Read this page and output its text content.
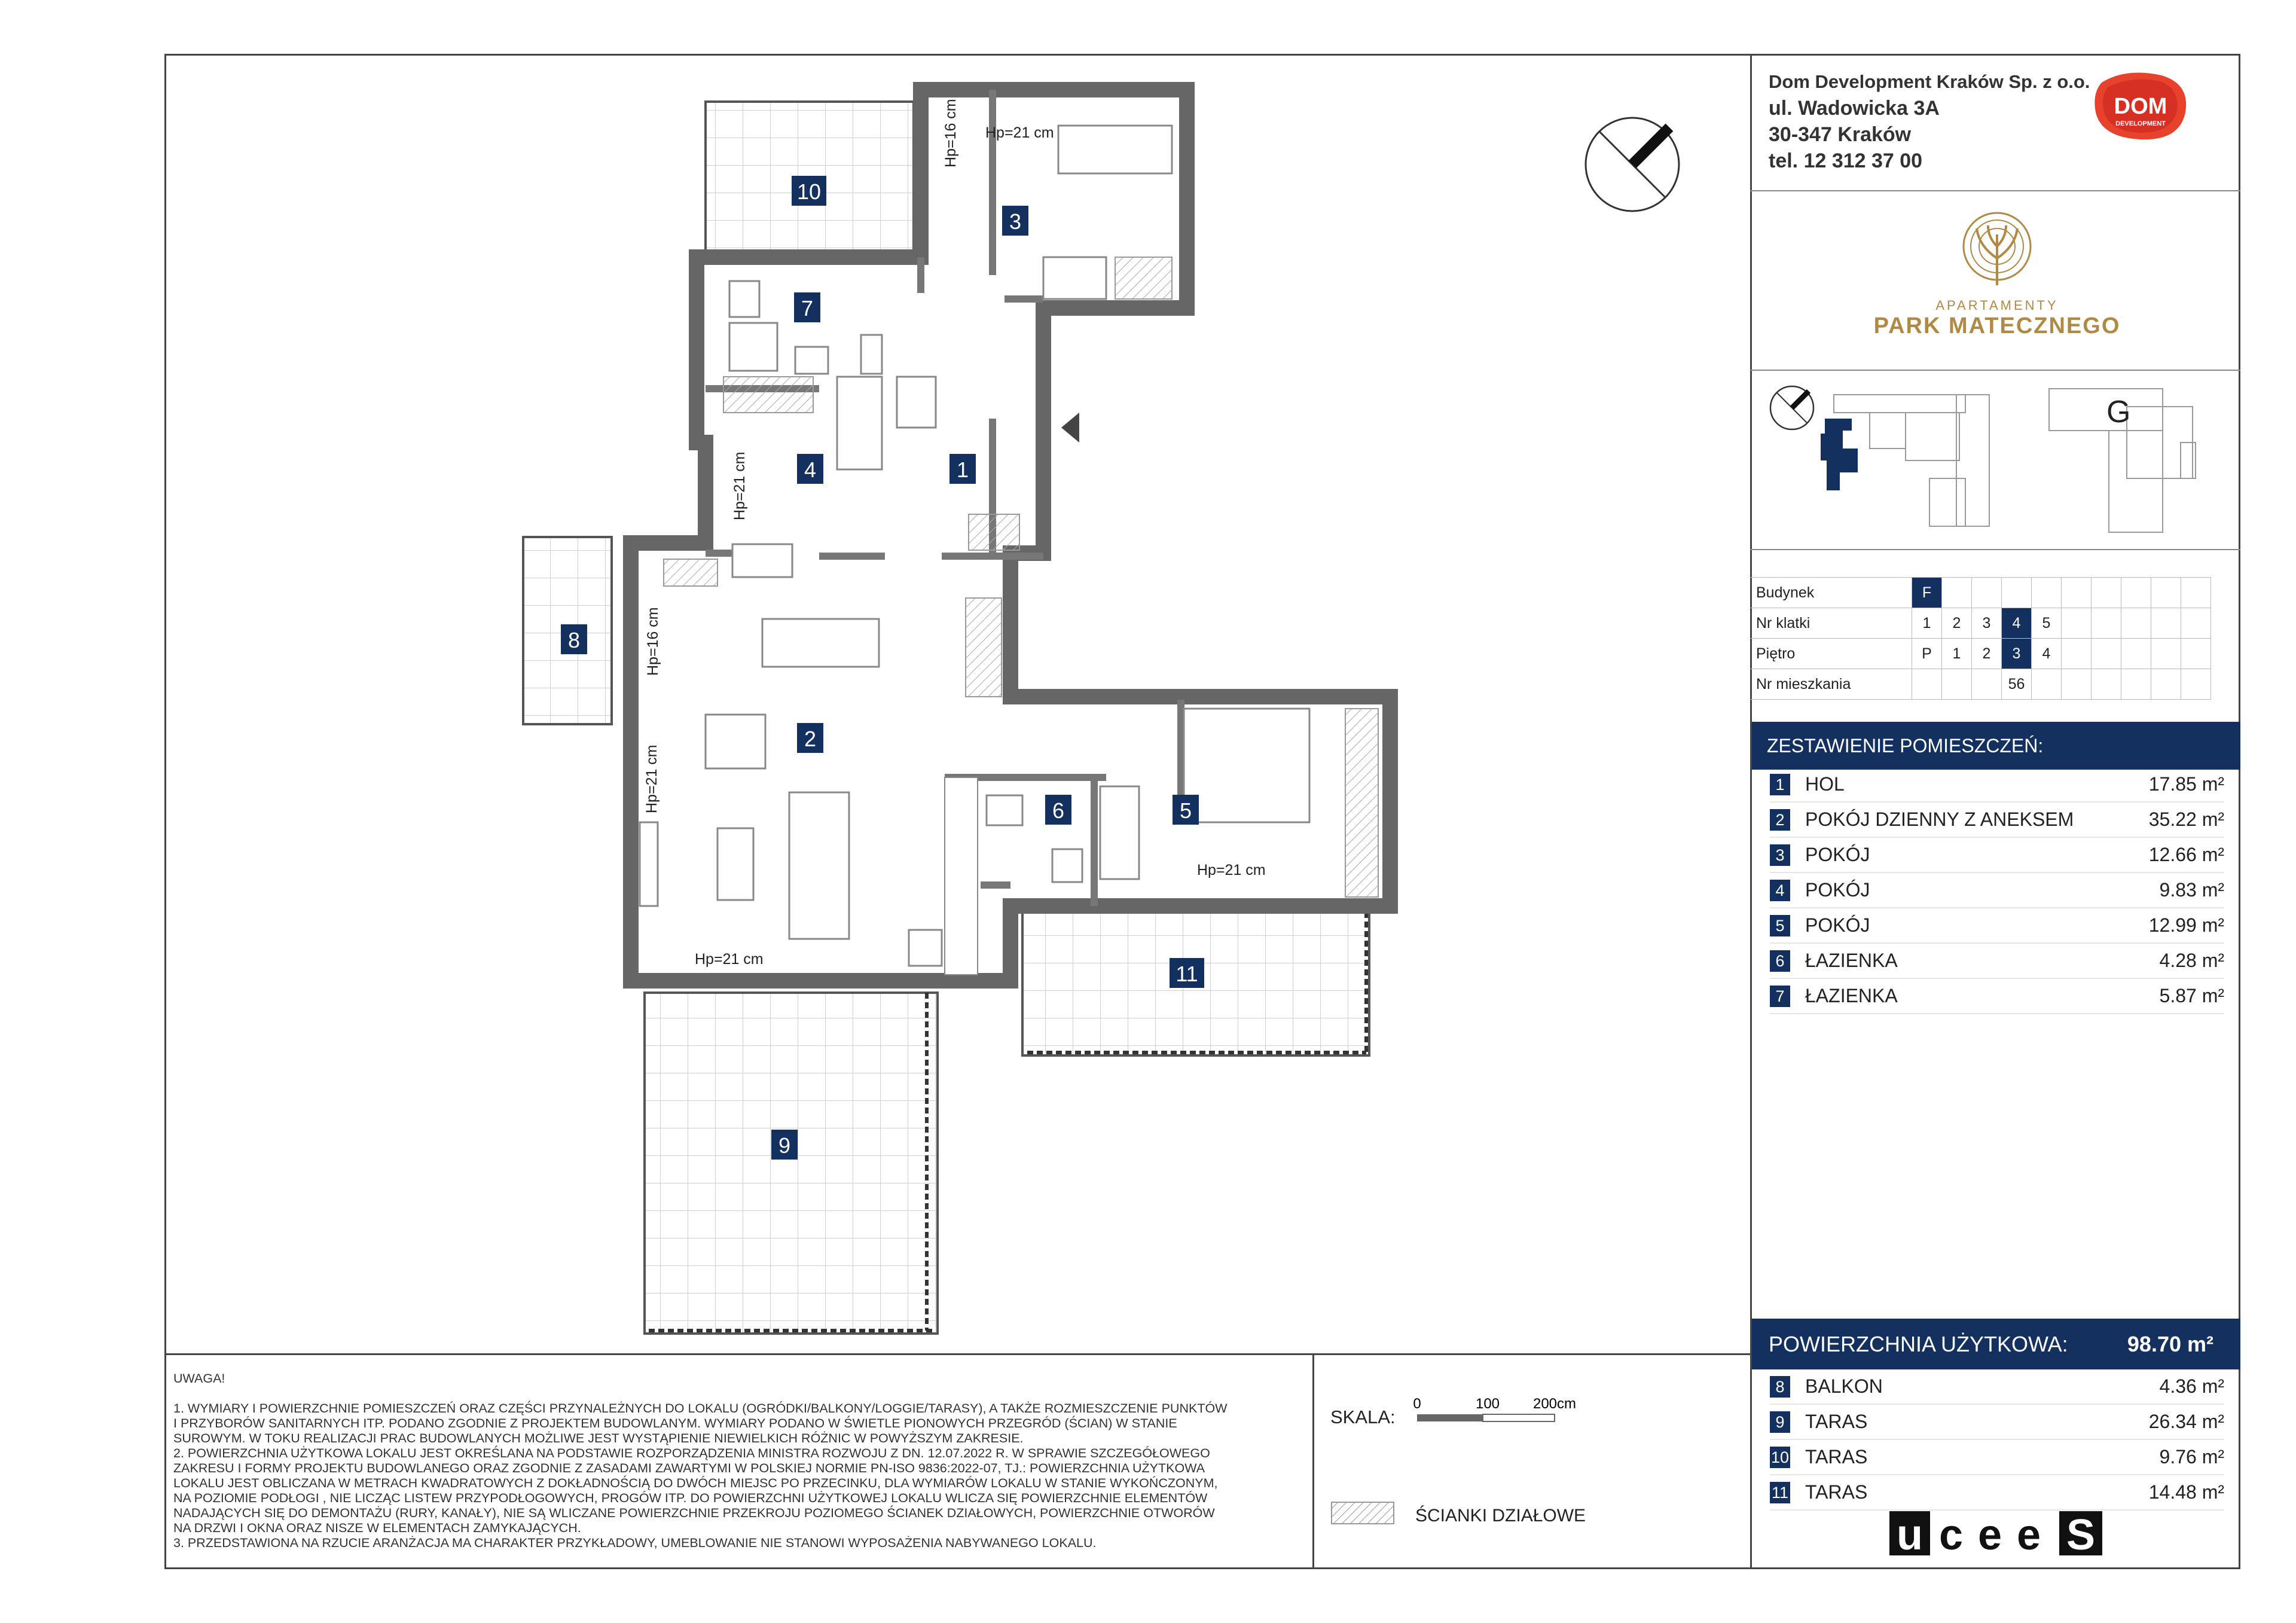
Dom Development Kraków Sp. z o.o.
ul. Wadowicka 3A
30-347 Kraków
tel. 12 312 37 00
DOM
DEVELOPMENT
APARTAMENTY
PARK MATECZNEGO
G
Budynek	F									
Nr klatki	1	2	3	4	5					
Piętro	P	1	2	3	4					
Nr mieszkania				56						
ZESTAWIENIE POMIESZCZEŃ:
1 HOL	17.85 m²
2 POKÓJ DZIENNY Z ANEKSEM	35.22 m²
3 POKÓJ	12.66 m²
4 POKÓJ	9.83 m²
5 POKÓJ	12.99 m²
6 ŁAZIENKA	4.28 m²
7 ŁAZIENKA	5.87 m²
POWIERZCHNIA UŻYTKOWA:	98.70 m²
8 BALKON	4.36 m²
9 TARAS	26.34 m²
10 TARAS	9.76 m²
11 TARAS	14.48 m²

UWAGA!

1. WYMIARY I POWIERZCHNIE POMIESZCZEŃ ORAZ CZĘŚCI PRZYNALEŻNYCH DO LOKALU (OGRÓDKI/BALKONY/LOGGIE/TARASY), A TAKŻE ROZMIESZCZENIE PUNKTÓW

I PRZYBORÓW SANITARNYCH ITP. PODANO ZGODNIE Z PROJEKTEM BUDOWLANYM. WYMIARY PODANO W ŚWIETLE PIONOWYCH PRZEGRÓD (ŚCIAN) W STANIE

SUROWYM. W TOKU REALIZACJI PRAC BUDOWLANYCH MOŻLIWE JEST WYSTĄPIENIE NIEWIELKICH RÓŻNIC W POWYŻSZYM ZAKRESIE.

2. POWIERZCHNIA UŻYTKOWA LOKALU JEST OKREŚLANA NA PODSTAWIE ROZPORZĄDZENIA MINISTRA ROZWOJU Z DN. 12.07.2022 R. W SPRAWIE SZCZEGÓŁOWEGO

ZAKRESU I FORMY PROJEKTU BUDOWLANEGO ORAZ ZGODNIE Z ZASADAMI ZAWARTYMI W POLSKIEJ NORMIE PN-ISO 9836:2022-07, TJ.: POWIERZCHNIA UŻYTKOWA

LOKALU JEST OBLICZANA W METRACH KWADRATOWYCH Z DOKŁADNOŚCIĄ DO DWÓCH MIEJSC PO PRZECINKU, DLA WYMIARÓW LOKALU W STANIE WYKOŃCZONYM,

NA POZIOMIE PODŁOGI , NIE LICZĄC LISTEW PRZYPODŁOGOWYCH, PROGÓW ITP. DO POWIERZCHNI UŻYTKOWEJ LOKALU WLICZA SIĘ POWIERZCHNIE ELEMENTÓW

NADAJĄCYCH SIĘ DO DEMONTAŻU (RURY, KANAŁY), NIE SĄ WLICZANE POWIERZCHNIE PRZEKROJU POZIOMEGO ŚCIANEK DZIAŁOWYCH, POWIERZCHNIE OTWORÓW

NA DRZWI I OKNA ORAZ NISZE W ELEMENTACH ZAMYKAJĄCYCH.

3. PRZEDSTAWIONA NA RZUCIE ARANŻACJA MA CHARAKTER PRZYKŁADOWY, UMEBLOWANIE NIE STANOWI WYPOSAŻENIA NABYWANEGO LOKALU.

SKALA:
0	100 200cm
ŚCIANKI DZIAŁOWE	u c e e S
1
2
3
4
5
6
7
8
9
10
11
Hp=21 cm
Hp=16 cm
Hp=21 cm
Hp=16 cm
Hp=21 cm
Hp=21 cm
Hp=21 cm
